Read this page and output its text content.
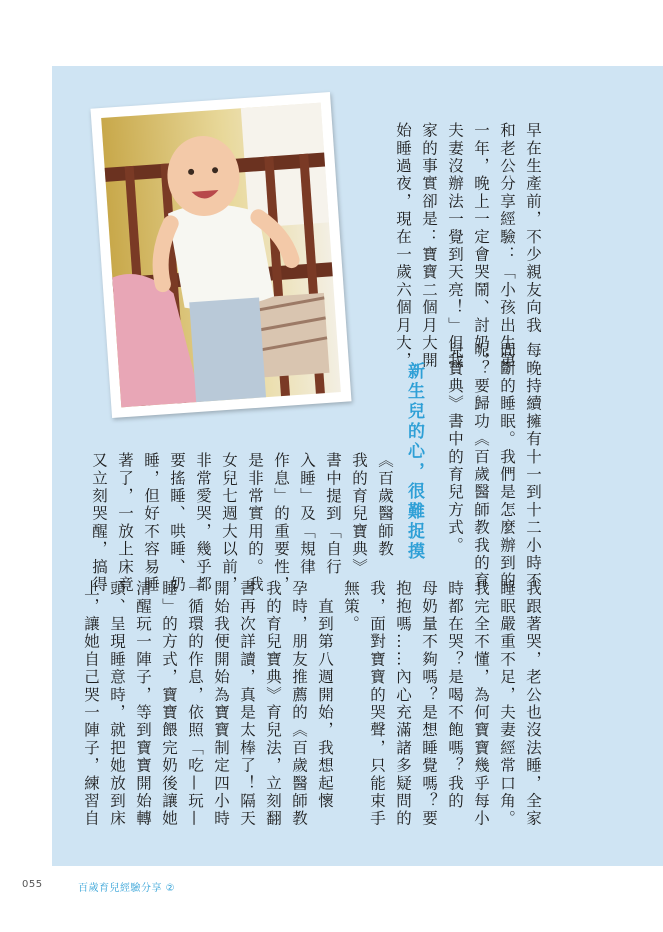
早在生產前，不少親友向我
和老公分享經驗：「小孩出生第
一年，晚上一定會哭鬧、討奶，
夫妻沒辦法一覺到天亮！」但我
家的事實卻是：寶寶二個月大開
始睡過夜，現在一歲六個月大，
每晚持續擁有十一到十二小時不
間斷的睡眠。我們是怎麼辦到的
呢？要歸功《百歲醫師教我的育
兒寶典》書中的育兒方式。
新生兒的心，很難捉摸
我跟著哭，老公也沒法睡，全家
睡眠嚴重不足，夫妻經常口角。
我完全不懂，為何寶寶幾乎每小
時都在哭？是喝不飽嗎？我的
母奶量不夠嗎？是想睡覺嗎？要
抱抱嗎……內心充滿諸多疑問的
我，面對寶寶的哭聲，只能束手
無策。
　直到第八週開始，我想起懷
孕時，朋友推薦的《百歲醫師教
我的育兒寶典》育兒法，立刻翻
書再次詳讀，真是太棒了！隔天
開始我便開始為寶寶制定四小時
一循環的作息，依照「吃—玩—
睡」的方式，寶寶餵完奶後讓她
清醒玩一陣子，等到寶寶開始轉
頭、呈現睡意時，就把她放到床
上，讓她自己哭一陣子，練習自
《百歲醫師教
我的育兒寶典》
書中提到「自行
入睡」及「規律
作息」的重要性，
是非常實用的。我
女兒七週大以前，
非常愛哭，幾乎都
要搖睡、哄睡、奶
睡，但好不容易睡
著了，一放上床竟
又立刻哭醒，搞得
055	百歲育兒經驗分享 ②
